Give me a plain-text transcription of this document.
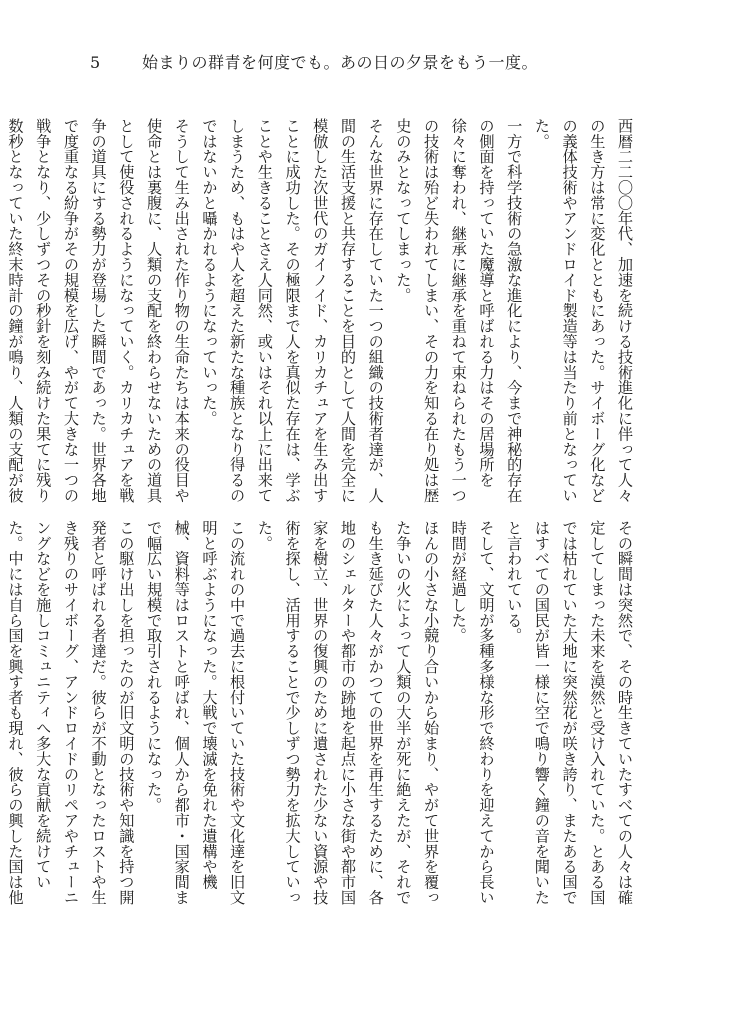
5	始まりの群青を何度でも。あの日の夕景をもう一度。

西暦二二〇〇年代、加速を続ける技術進化に伴って人々の生き方は常に変化とともにあった。サイボーグ化などの義体技術やアンドロイド製造等は当たり前となっていた。

一方で科学技術の急激な進化により、今まで神秘的存在の側面を持っていた魔導と呼ばれる力はその居場所を徐々に奪われ、継承に継承を重ねて束ねられたもう一つの技術は殆ど失われてしまい、その力を知る在り処は歴史のみとなってしまった。

そんな世界に存在していた一つの組織の技術者達が、人間の生活支援と共存することを目的として人間を完全に模倣した次世代のガイノイド、カリカチュアを生み出すことに成功した。その極限まで人を真似た存在は、学ぶことや生きることさえ人同然、或いはそれ以上に出来てしまうため、もはや人を超えた新たな種族となり得るのではないかと囁かれるようになっていった。

そうして生み出された作り物の生命たちは本来の役目や使命とは裏腹に、人類の支配を終わらせないための道具として使役されるようになっていく。カリカチュアを戦争の道具にする勢力が登場した瞬間であった。世界各地で度重なる紛争がその規模を広げ、やがて大きな一つの戦争となり、少しずつその秒針を刻み続けた果てに残り数秒となっていた終末時計の鐘が鳴り、人類の支配が彼

その瞬間は突然で、その時生きていたすべての人々は確定してしまった未来を漠然と受け入れていた。とある国では枯れていた大地に突然花が咲き誇り、またある国ではすべての国民が皆一様に空で鳴り響く鐘の音を聞いたと言われている。

そして、文明が多種多様な形で終わりを迎えてから長い時間が経過した。

ほんの小さな小競り合いから始まり、やがて世界を覆った争いの火によって人類の大半が死に絶えたが、それでも生き延びた人々がかつての世界を再生するために、各地のシェルターや都市の跡地を起点に小さな街や都市国家を樹立、世界の復興のために遺された少ない資源や技術を探し、活用することで少しずつ勢力を拡大していった。

この流れの中で過去に根付いていた技術や文化達を旧文明と呼ぶようになった。大戦で壊滅を免れた遺構や機械、資料等はロストと呼ばれ、個人から都市・国家間まで幅広い規模で取引されるようになった。

この駆け出しを担ったのが旧文明の技術や知識を持つ開発者と呼ばれる者達だ。彼らが不動となったロストや生き残りのサイボーグ、アンドロイドのリペアやチューニングなどを施しコミュニティへ多大な貢献を続けていた。中には自ら国を興す者も現れ、彼らの興した国は他
